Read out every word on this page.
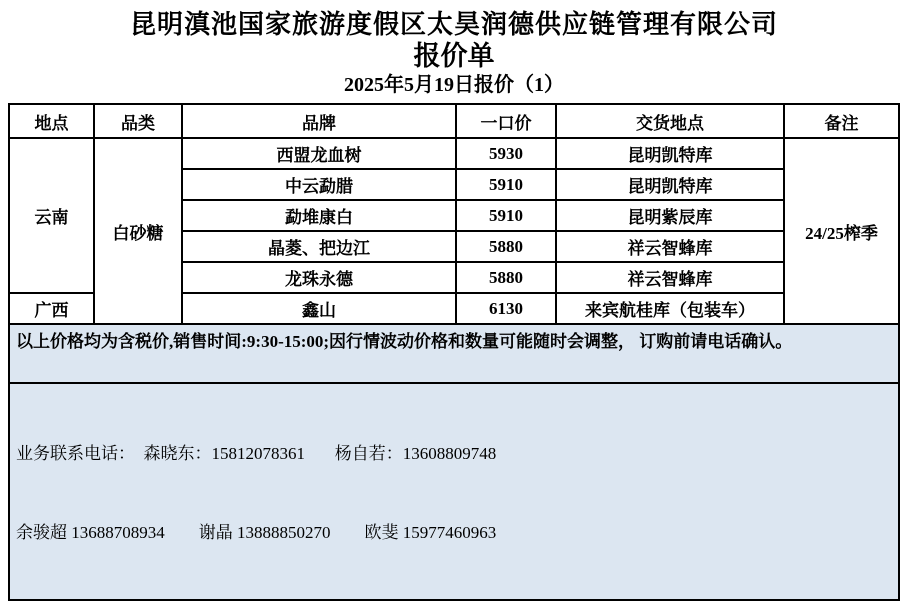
昆明滇池国家旅游度假区太昊润德供应链管理有限公司
报价单
2025年5月19日报价（1）
地点	品类	品牌	一口价	交货地点	备注
云南	白砂糖	西盟龙血树	5930	昆明凯特库	24/25榨季
		中云勐腊	5910	昆明凯特库	
		勐堆康白	5910	昆明紫辰库	
		晶菱、把边江	5880	祥云智蜂库	
		龙珠永德	5880	祥云智蜂库	
广西		鑫山	6130	来宾航桂库（包装车）	
以上价格均为含税价,销售时间:9:30-15:00;因行情波动价格和数量可能随时会调整， 订购前请电话确认。					

业务联系电话：  森晓东：15812078361       杨自若：13608809748

余骏超 13688708934        谢晶 13888850270        欧斐 15977460963					
